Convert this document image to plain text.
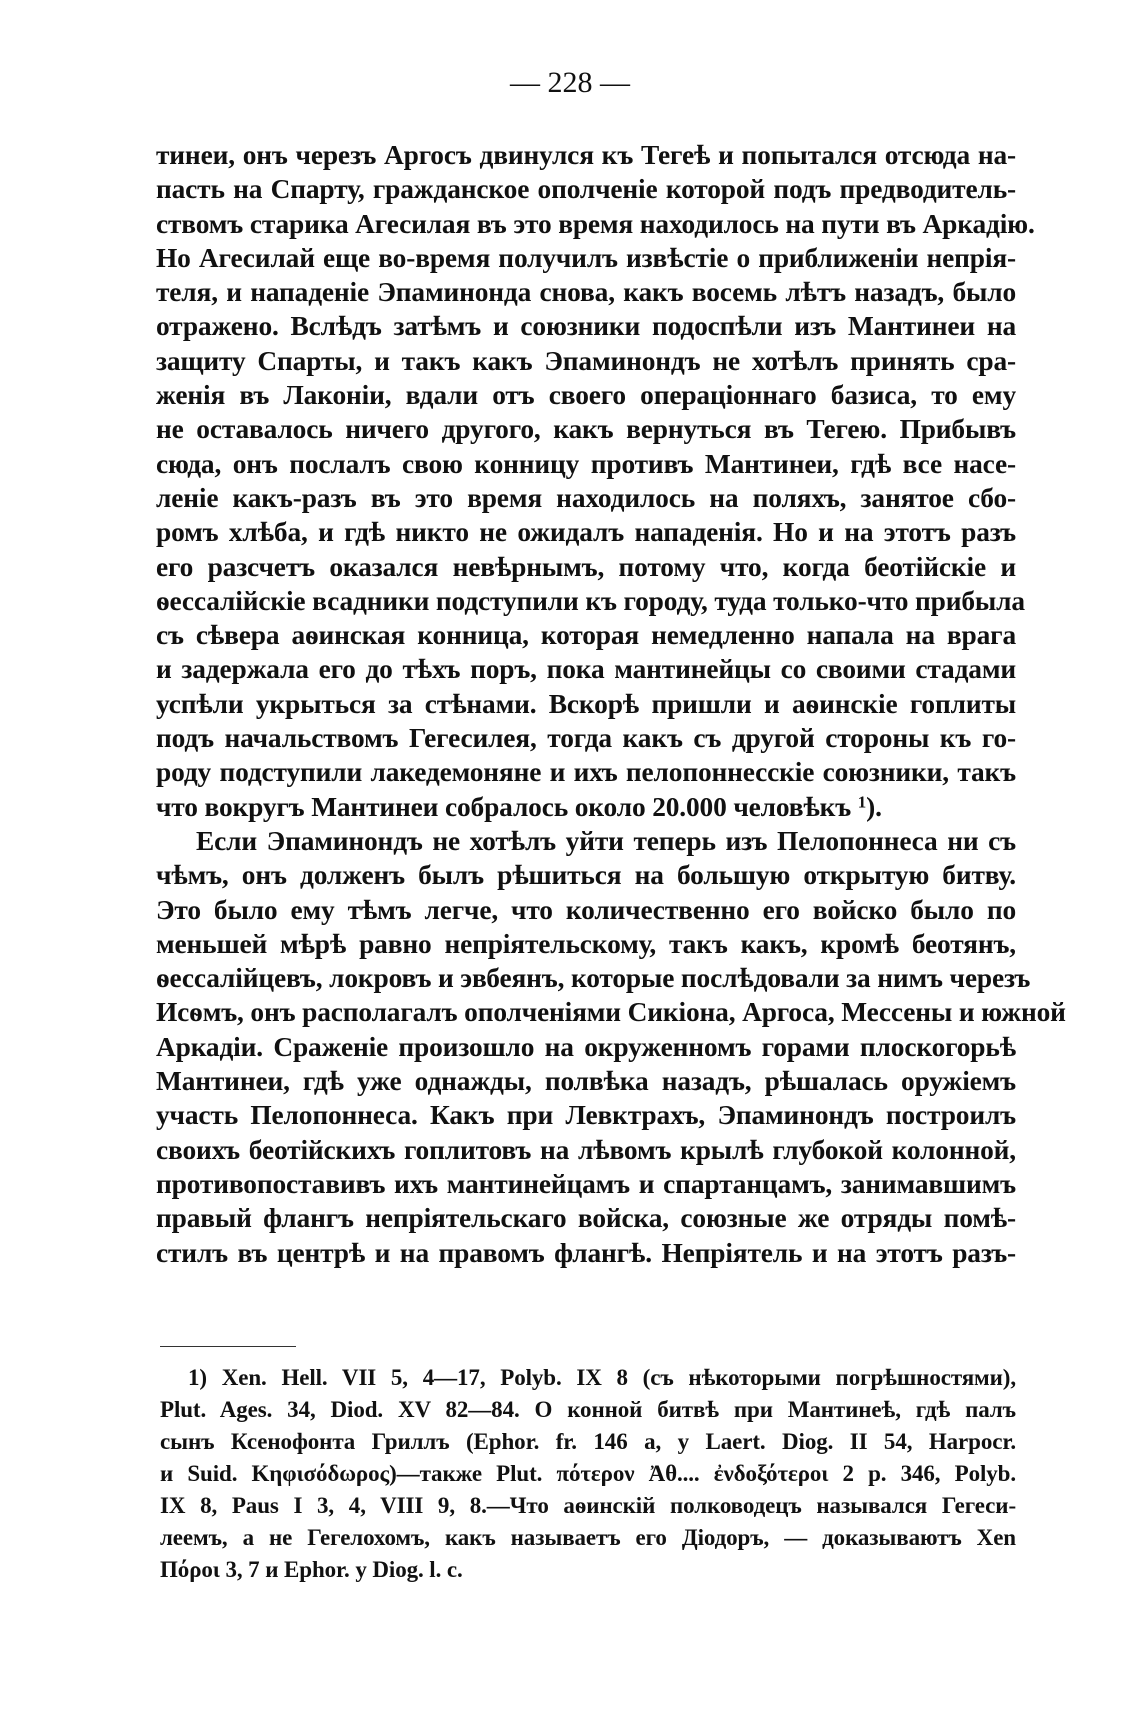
— 228 —
тинеи, онъ черезъ Аргосъ двинулся къ Тегеѣ и попытался отсюда на-
пасть на Спарту, гражданское ополченіе которой подъ предводитель-
ствомъ старика Агесилая въ это время находилось на пути въ Аркадію.
Но Агесилай еще во-время получилъ извѣстіе о приближеніи непрія-
теля, и нападеніе Эпаминонда снова, какъ восемь лѣтъ назадъ, было
отражено. Вслѣдъ затѣмъ и союзники подоспѣли изъ Мантинеи на
защиту Спарты, и такъ какъ Эпаминондъ не хотѣлъ принять сра-
женія въ Лаконіи, вдали отъ своего операціоннаго базиса, то ему
не оставалось ничего другого, какъ вернуться въ Тегею. Прибывъ
сюда, онъ послалъ свою конницу противъ Мантинеи, гдѣ все насе-
леніе какъ-разъ въ это время находилось на поляхъ, занятое сбо-
ромъ хлѣба, и гдѣ никто не ожидалъ нападенія. Но и на этотъ разъ
его разсчетъ оказался невѣрнымъ, потому что, когда беотійскіе и
ѳессалійскіе всадники подступили къ городу, туда только-что прибыла
съ сѣвера аѳинская конница, которая немедленно напала на врага
и задержала его до тѣхъ поръ, пока мантинейцы со своими стадами
успѣли укрыться за стѣнами. Вскорѣ пришли и аѳинскіе гоплиты
подъ начальствомъ Гегесилея, тогда какъ съ другой стороны къ го-
роду подступили лакедемоняне и ихъ пелопоннесскіе союзники, такъ
что вокругъ Мантинеи собралось около 20.000 человѣкъ $^1$).
Если Эпаминондъ не хотѣлъ уйти теперь изъ Пелопоннеса ни съ
чѣмъ, онъ долженъ былъ рѣшиться на большую открытую битву.
Это было ему тѣмъ легче, что количественно его войско было по
меньшей мѣрѣ равно непріятельскому, такъ какъ, кромѣ беотянъ,
ѳессалійцевъ, локровъ и эвбеянъ, которые послѣдовали за нимъ черезъ
Исѳмъ, онъ располагалъ ополченіями Сикіона, Аргоса, Мессены и южной
Аркадіи. Сраженіе произошло на окруженномъ горами плоскогорьѣ
Мантинеи, гдѣ уже однажды, полвѣка назадъ, рѣшалась оружіемъ
участь Пелопоннеса. Какъ при Левктрахъ, Эпаминондъ построилъ
своихъ беотійскихъ гоплитовъ на лѣвомъ крылѣ глубокой колонной,
противопоставивъ ихъ мантинейцамъ и спартанцамъ, занимавшимъ
правый флангъ непріятельскаго войска, союзные же отряды помѣ-
стилъ въ центрѣ и на правомъ флангѣ. Непріятель и на этотъ разъ-
1) Xen. Hell. VII 5, 4—17, Polyb. IX 8 (съ нѣкоторыми погрѣшностями),
Plut. Ages. 34, Diod. XV 82—84. О конной битвѣ при Мантинеѣ, гдѣ палъ
сынъ Ксенофонта Гриллъ (Ephor. fr. 146 a, у Laert. Diog. II 54, Harpocr.
и Suid. Κηφισόδωρος)—также Plut. πότερον Ἀθ.... ἐνδοξότεροι 2 p. 346, Polyb.
IX 8, Paus I 3, 4, VIII 9, 8.—Что аѳинскій полководецъ назывался Гегеси-
леемъ, а не Гегелохомъ, какъ называетъ его Діодоръ, — доказываютъ Xen
Πόροι 3, 7 и Ephor. у Diog. l. c.
